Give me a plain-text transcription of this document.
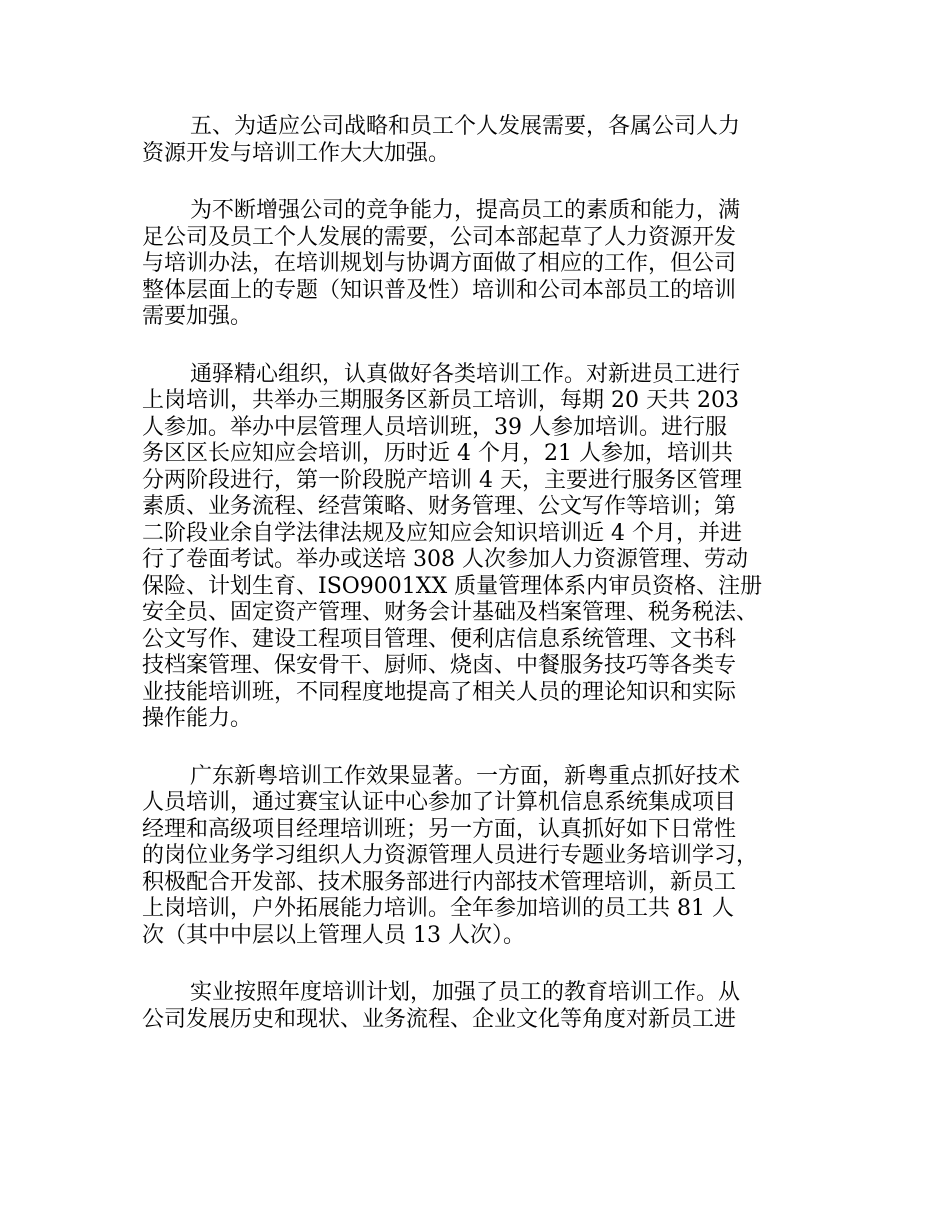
五、为适应公司战略和员工个人发展需要，各属公司人力
资源开发与培训工作大大加强。
为不断增强公司的竞争能力，提高员工的素质和能力，满
足公司及员工个人发展的需要，公司本部起草了人力资源开发
与培训办法，在培训规划与协调方面做了相应的工作，但公司
整体层面上的专题（知识普及性）培训和公司本部员工的培训
需要加强。
通驿精心组织，认真做好各类培训工作。对新进员工进行
上岗培训，共举办三期服务区新员工培训，每期 20 天共 203
人参加。举办中层管理人员培训班，39 人参加培训。进行服
务区区长应知应会培训，历时近 4 个月，21 人参加，培训共
分两阶段进行，第一阶段脱产培训 4 天，主要进行服务区管理
素质、业务流程、经营策略、财务管理、公文写作等培训；第
二阶段业余自学法律法规及应知应会知识培训近 4 个月，并进
行了卷面考试。举办或送培 308 人次参加人力资源管理、劳动
保险、计划生育、ISO9001XX 质量管理体系内审员资格、注册
安全员、固定资产管理、财务会计基础及档案管理、税务税法、
公文写作、建设工程项目管理、便利店信息系统管理、文书科
技档案管理、保安骨干、厨师、烧卤、中餐服务技巧等各类专
业技能培训班，不同程度地提高了相关人员的理论知识和实际
操作能力。
广东新粤培训工作效果显著。一方面，新粤重点抓好技术
人员培训，通过赛宝认证中心参加了计算机信息系统集成项目
经理和高级项目经理培训班；另一方面，认真抓好如下日常性
的岗位业务学习组织人力资源管理人员进行专题业务培训学习，
积极配合开发部、技术服务部进行内部技术管理培训，新员工
上岗培训，户外拓展能力培训。全年参加培训的员工共 81 人
次（其中中层以上管理人员 13 人次）。
实业按照年度培训计划，加强了员工的教育培训工作。从
公司发展历史和现状、业务流程、企业文化等角度对新员工进
